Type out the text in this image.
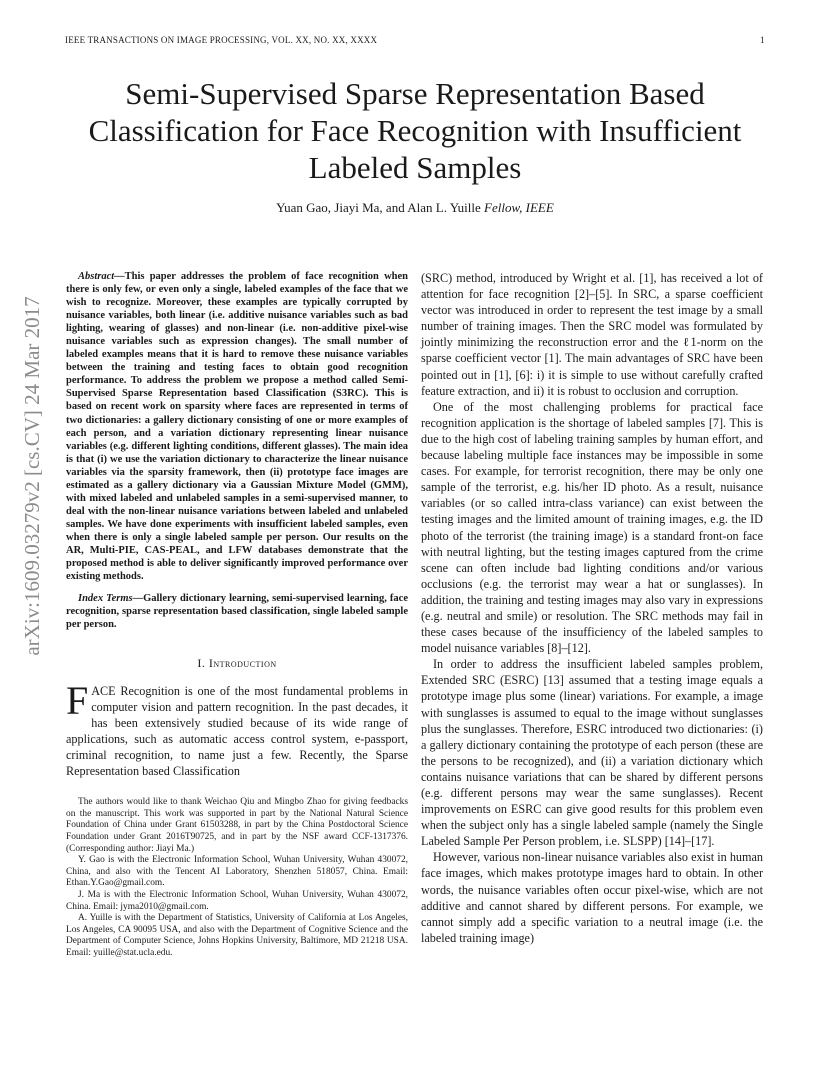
IEEE TRANSACTIONS ON IMAGE PROCESSING, VOL. XX, NO. XX, XXXX	1
arXiv:1609.03279v2 [cs.CV] 24 Mar 2017
Semi-Supervised Sparse Representation Based Classification for Face Recognition with Insufficient Labeled Samples
Yuan Gao, Jiayi Ma, and Alan L. Yuille Fellow, IEEE

Abstract—This paper addresses the problem of face recognition when there is only few, or even only a single, labeled examples of the face that we wish to recognize. Moreover, these examples are typically corrupted by nuisance variables, both linear (i.e. additive nuisance variables such as bad lighting, wearing of glasses) and non-linear (i.e. non-additive pixel-wise nuisance variables such as expression changes). The small number of labeled examples means that it is hard to remove these nuisance variables between the training and testing faces to obtain good recognition performance. To address the problem we propose a method called Semi-Supervised Sparse Representation based Classification (S3RC). This is based on recent work on sparsity where faces are represented in terms of two dictionaries: a gallery dictionary consisting of one or more examples of each person, and a variation dictionary representing linear nuisance variables (e.g. different lighting conditions, different glasses). The main idea is that (i) we use the variation dictionary to characterize the linear nuisance variables via the sparsity framework, then (ii) prototype face images are estimated as a gallery dictionary via a Gaussian Mixture Model (GMM), with mixed labeled and unlabeled samples in a semi-supervised manner, to deal with the non-linear nuisance variations between labeled and unlabeled samples. We have done experiments with insufficient labeled samples, even when there is only a single labeled sample per person. Our results on the AR, Multi-PIE, CAS-PEAL, and LFW databases demonstrate that the proposed method is able to deliver significantly improved performance over existing methods.

Index Terms—Gallery dictionary learning, semi-supervised learning, face recognition, sparse representation based classification, single labeled sample per person.

I. Introduction
FACE Recognition is one of the most fundamental problems in computer vision and pattern recognition. In the past decades, it has been extensively studied because of its wide range of applications, such as automatic access control system, e-passport, criminal recognition, to name just a few. Recently, the Sparse Representation based Classification

The authors would like to thank Weichao Qiu and Mingbo Zhao for giving feedbacks on the manuscript. This work was supported in part by the National Natural Science Foundation of China under Grant 61503288, in part by the China Postdoctoral Science Foundation under Grant 2016T90725, and in part by the NSF award CCF-1317376. (Corresponding author: Jiayi Ma.)

Y. Gao is with the Electronic Information School, Wuhan University, Wuhan 430072, China, and also with the Tencent AI Laboratory, Shenzhen 518057, China. Email: Ethan.Y.Gao@gmail.com.

J. Ma is with the Electronic Information School, Wuhan University, Wuhan 430072, China. Email: jyma2010@gmail.com.

A. Yuille is with the Department of Statistics, University of California at Los Angeles, Los Angeles, CA 90095 USA, and also with the Department of Cognitive Science and the Department of Computer Science, Johns Hopkins University, Baltimore, MD 21218 USA. Email: yuille@stat.ucla.edu.

(SRC) method, introduced by Wright et al. [1], has received a lot of attention for face recognition [2]–[5]. In SRC, a sparse coefficient vector was introduced in order to represent the test image by a small number of training images. Then the SRC model was formulated by jointly minimizing the reconstruction error and the ℓ1-norm on the sparse coefficient vector [1]. The main advantages of SRC have been pointed out in [1], [6]: i) it is simple to use without carefully crafted feature extraction, and ii) it is robust to occlusion and corruption.

One of the most challenging problems for practical face recognition application is the shortage of labeled samples [7]. This is due to the high cost of labeling training samples by human effort, and because labeling multiple face instances may be impossible in some cases. For example, for terrorist recognition, there may be only one sample of the terrorist, e.g. his/her ID photo. As a result, nuisance variables (or so called intra-class variance) can exist between the testing images and the limited amount of training images, e.g. the ID photo of the terrorist (the training image) is a standard front-on face with neutral lighting, but the testing images captured from the crime scene can often include bad lighting conditions and/or various occlusions (e.g. the terrorist may wear a hat or sunglasses). In addition, the training and testing images may also vary in expressions (e.g. neutral and smile) or resolution. The SRC methods may fail in these cases because of the insufficiency of the labeled samples to model nuisance variables [8]–[12].

In order to address the insufficient labeled samples problem, Extended SRC (ESRC) [13] assumed that a testing image equals a prototype image plus some (linear) variations. For example, a image with sunglasses is assumed to equal to the image without sunglasses plus the sunglasses. Therefore, ESRC introduced two dictionaries: (i) a gallery dictionary containing the prototype of each person (these are the persons to be recognized), and (ii) a variation dictionary which contains nuisance variations that can be shared by different persons (e.g. different persons may wear the same sunglasses). Recent improvements on ESRC can give good results for this problem even when the subject only has a single labeled sample (namely the Single Labeled Sample Per Person problem, i.e. SLSPP) [14]–[17].

However, various non-linear nuisance variables also exist in human face images, which makes prototype images hard to obtain. In other words, the nuisance variables often occur pixel-wise, which are not additive and cannot shared by different persons. For example, we cannot simply add a specific variation to a neutral image (i.e. the labeled training image)
